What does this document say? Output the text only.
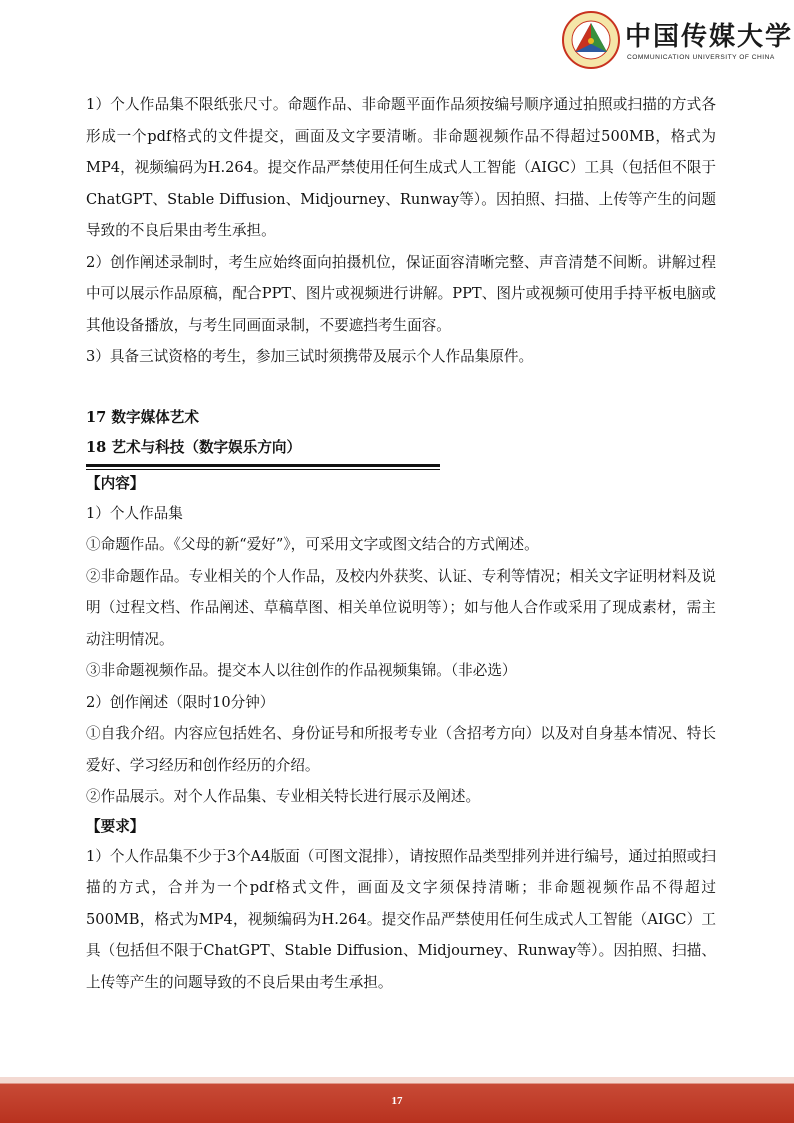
中国传媒大学
COMMUNICATION UNIVERSITY OF CHINA

1）个人作品集不限纸张尺寸。命题作品、非命题平面作品须按编号顺序通过拍照或扫描的方式各形成一个pdf格式的文件提交，画面及文字要清晰。非命题视频作品不得超过500MB，格式为MP4，视频编码为H.264。提交作品严禁使用任何生成式人工智能（AIGC）工具（包括但不限于ChatGPT、Stable Diffusion、Midjourney、Runway等）。因拍照、扫描、上传等产生的问题导致的不良后果由考生承担。

2）创作阐述录制时，考生应始终面向拍摄机位，保证面容清晰完整、声音清楚不间断。讲解过程中可以展示作品原稿，配合PPT、图片或视频进行讲解。PPT、图片或视频可使用手持平板电脑或其他设备播放，与考生同画面录制，不要遮挡考生面容。

3）具备三试资格的考生，参加三试时须携带及展示个人作品集原件。

17 数字媒体艺术

18 艺术与科技（数字娱乐方向）

【内容】

1）个人作品集

①命题作品。《父母的新“爱好”》，可采用文字或图文结合的方式阐述。

②非命题作品。专业相关的个人作品，及校内外获奖、认证、专利等情况；相关文字证明材料及说明（过程文档、作品阐述、草稿草图、相关单位说明等）；如与他人合作或采用了现成素材，需主动注明情况。

③非命题视频作品。提交本人以往创作的作品视频集锦。（非必选）

2）创作阐述（限时10分钟）

①自我介绍。内容应包括姓名、身份证号和所报考专业（含招考方向）以及对自身基本情况、特长爱好、学习经历和创作经历的介绍。

②作品展示。对个人作品集、专业相关特长进行展示及阐述。

【要求】

1）个人作品集不少于3个A4版面（可图文混排），请按照作品类型排列并进行编号，通过拍照或扫描的方式，合并为一个pdf格式文件，画面及文字须保持清晰；非命题视频作品不得超过500MB，格式为MP4，视频编码为H.264。提交作品严禁使用任何生成式人工智能（AIGC）工具（包括但不限于ChatGPT、Stable Diffusion、Midjourney、Runway等）。因拍照、扫描、上传等产生的问题导致的不良后果由考生承担。

17
